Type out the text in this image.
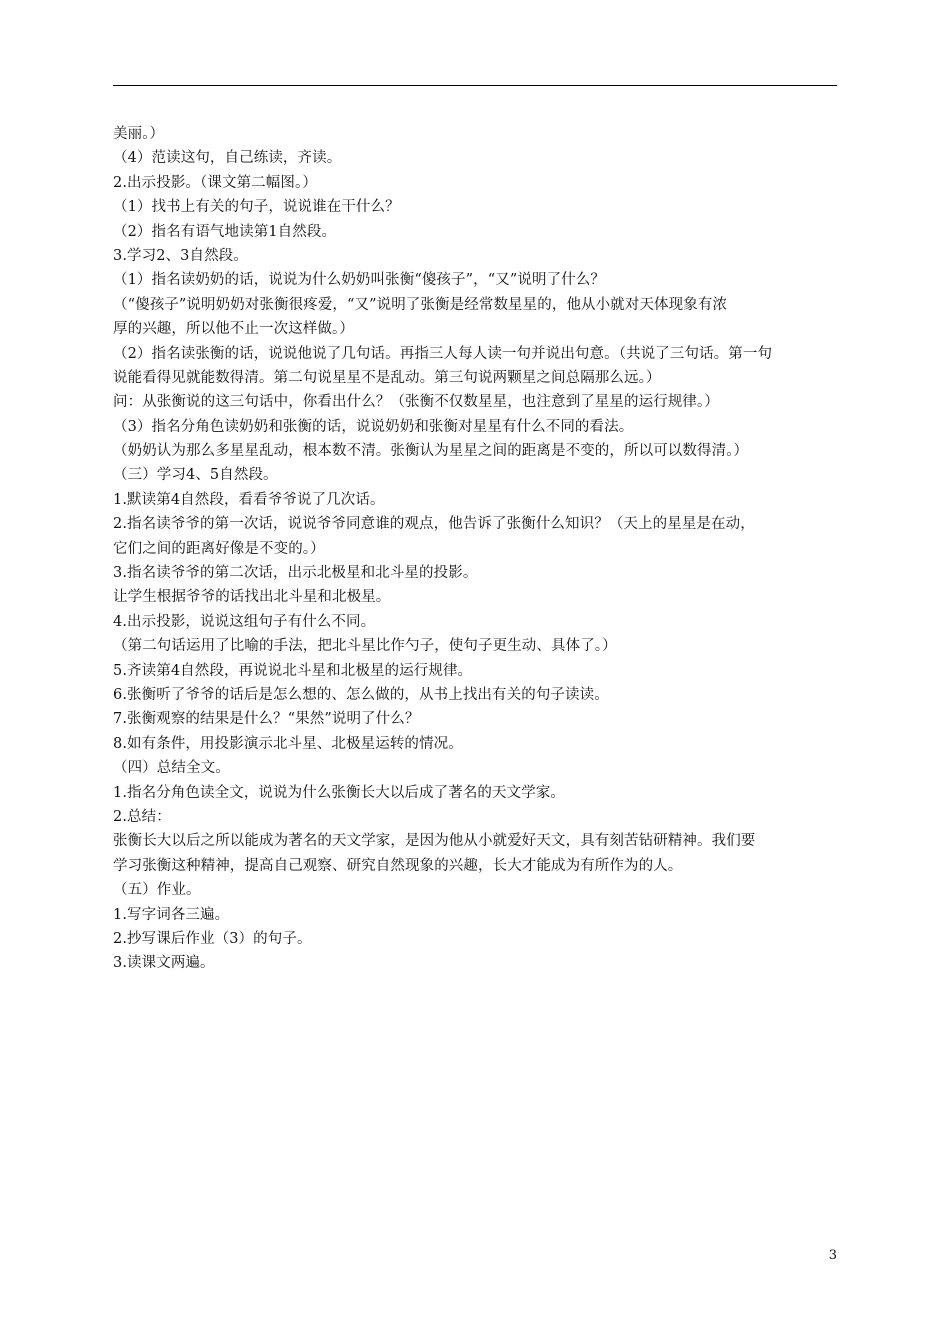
美丽。）
（4）范读这句，自己练读，齐读。
2.出示投影。（课文第二幅图。）
（1）找书上有关的句子，说说谁在干什么？
（2）指名有语气地读第1自然段。
3.学习2、3自然段。
（1）指名读奶奶的话，说说为什么奶奶叫张衡“傻孩子”，“又”说明了什么？
（“傻孩子”说明奶奶对张衡很疼爱，“又”说明了张衡是经常数星星的，他从小就对天体现象有浓
厚的兴趣，所以他不止一次这样做。）
（2）指名读张衡的话，说说他说了几句话。再指三人每人读一句并说出句意。（共说了三句话。第一句
说能看得见就能数得清。第二句说星星不是乱动。第三句说两颗星之间总隔那么远。）
问：从张衡说的这三句话中，你看出什么？（张衡不仅数星星，也注意到了星星的运行规律。）
（3）指名分角色读奶奶和张衡的话，说说奶奶和张衡对星星有什么不同的看法。
（奶奶认为那么多星星乱动，根本数不清。张衡认为星星之间的距离是不变的，所以可以数得清。）
（三）学习4、5自然段。
1.默读第4自然段，看看爷爷说了几次话。
2.指名读爷爷的第一次话，说说爷爷同意谁的观点，他告诉了张衡什么知识？（天上的星星是在动，
它们之间的距离好像是不变的。）
3.指名读爷爷的第二次话，出示北极星和北斗星的投影。
让学生根据爷爷的话找出北斗星和北极星。
4.出示投影，说说这组句子有什么不同。
（第二句话运用了比喻的手法，把北斗星比作勺子，使句子更生动、具体了。）
5.齐读第4自然段，再说说北斗星和北极星的运行规律。
6.张衡听了爷爷的话后是怎么想的、怎么做的，从书上找出有关的句子读读。
7.张衡观察的结果是什么？“果然”说明了什么？
8.如有条件，用投影演示北斗星、北极星运转的情况。
（四）总结全文。
1.指名分角色读全文，说说为什么张衡长大以后成了著名的天文学家。
2.总结：
张衡长大以后之所以能成为著名的天文学家，是因为他从小就爱好天文，具有刻苦钻研精神。我们要
学习张衡这种精神，提高自己观察、研究自然现象的兴趣，长大才能成为有所作为的人。
（五）作业。
1.写字词各三遍。
2.抄写课后作业（3）的句子。
3.读课文两遍。
3
